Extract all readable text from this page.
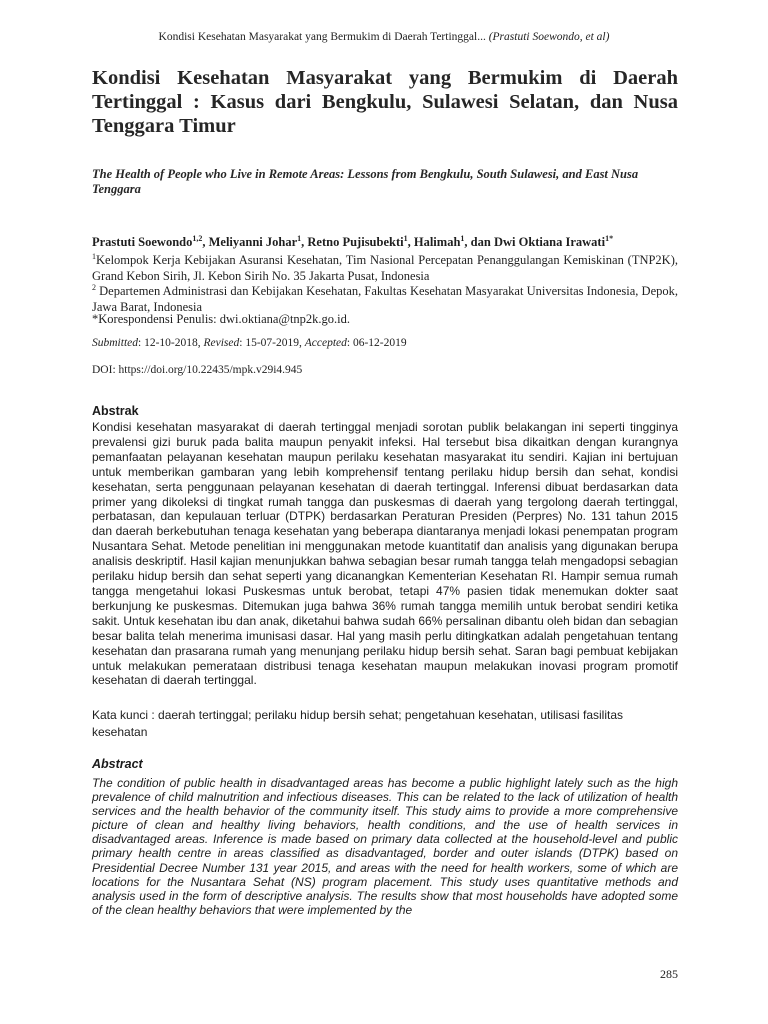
Kondisi Kesehatan Masyarakat yang Bermukim di Daerah Tertinggal... (Prastuti Soewondo, et al)
Kondisi Kesehatan Masyarakat yang Bermukim di Daerah Tertinggal : Kasus dari Bengkulu, Sulawesi Selatan, dan Nusa Tenggara Timur

The Health of People who Live in Remote Areas: Lessons from Bengkulu, South Sulawesi, and East Nusa Tenggara

Prastuti Soewondo$^{1,2}$, Meliyanni Johar$^1$, Retno Pujisubekti$^1$, Halimah$^1$, dan Dwi Oktiana Irawati$^{1*}$

$^1$Kelompok Kerja Kebijakan Asuransi Kesehatan, Tim Nasional Percepatan Penanggulangan Kemiskinan (TNP2K), Grand Kebon Sirih, Jl. Kebon Sirih No. 35 Jakarta Pusat, Indonesia

$^2$ Departemen Administrasi dan Kebijakan Kesehatan, Fakultas Kesehatan Masyarakat Universitas Indonesia, Depok, Jawa Barat, Indonesia

*Korespondensi Penulis: dwi.oktiana@tnp2k.go.id.

Submitted: 12-10-2018, Revised: 15-07-2019, Accepted: 06-12-2019

DOI: https://doi.org/10.22435/mpk.v29i4.945

Abstrak

Kondisi kesehatan masyarakat di daerah tertinggal menjadi sorotan publik belakangan ini seperti tingginya prevalensi gizi buruk pada balita maupun penyakit infeksi. Hal tersebut bisa dikaitkan dengan kurangnya pemanfaatan pelayanan kesehatan maupun perilaku kesehatan masyarakat itu sendiri. Kajian ini bertujuan untuk memberikan gambaran yang lebih komprehensif tentang perilaku hidup bersih dan sehat, kondisi kesehatan, serta penggunaan pelayanan kesehatan di daerah tertinggal. Inferensi dibuat berdasarkan data primer yang dikoleksi di tingkat rumah tangga dan puskesmas di daerah yang tergolong daerah tertinggal, perbatasan, dan kepulauan terluar (DTPK) berdasarkan Peraturan Presiden (Perpres) No. 131 tahun 2015 dan daerah berkebutuhan tenaga kesehatan yang beberapa diantaranya menjadi lokasi penempatan program Nusantara Sehat. Metode penelitian ini menggunakan metode kuantitatif dan analisis yang digunakan berupa analisis deskriptif. Hasil kajian menunjukkan bahwa sebagian besar rumah tangga telah mengadopsi sebagian perilaku hidup bersih dan sehat seperti yang dicanangkan Kementerian Kesehatan RI. Hampir semua rumah tangga mengetahui lokasi Puskesmas untuk berobat, tetapi 47% pasien tidak menemukan dokter saat berkunjung ke puskesmas. Ditemukan juga bahwa 36% rumah tangga memilih untuk berobat sendiri ketika sakit. Untuk kesehatan ibu dan anak, diketahui bahwa sudah 66% persalinan dibantu oleh bidan dan sebagian besar balita telah menerima imunisasi dasar. Hal yang masih perlu ditingkatkan adalah pengetahuan tentang kesehatan dan prasarana rumah yang menunjang perilaku hidup bersih sehat. Saran bagi pembuat kebijakan untuk melakukan pemerataan distribusi tenaga kesehatan maupun melakukan inovasi program promotif kesehatan di daerah tertinggal.

Kata kunci : daerah tertinggal; perilaku hidup bersih sehat; pengetahuan kesehatan, utilisasi fasilitas kesehatan

Abstract

The condition of public health in disadvantaged areas has become a public highlight lately such as the high prevalence of child malnutrition and infectious diseases. This can be related to the lack of utilization of health services and the health behavior of the community itself. This study aims to provide a more comprehensive picture of clean and healthy living behaviors, health conditions, and the use of health services in disadvantaged areas. Inference is made based on primary data collected at the household-level and public primary health centre in areas classified as disadvantaged, border and outer islands (DTPK) based on Presidential Decree Number 131 year 2015, and areas with the need for health workers, some of which are locations for the Nusantara Sehat (NS) program placement. This study uses quantitative methods and analysis used in the form of descriptive analysis. The results show that most households have adopted some of the clean healthy behaviors that were implemented by the

285
